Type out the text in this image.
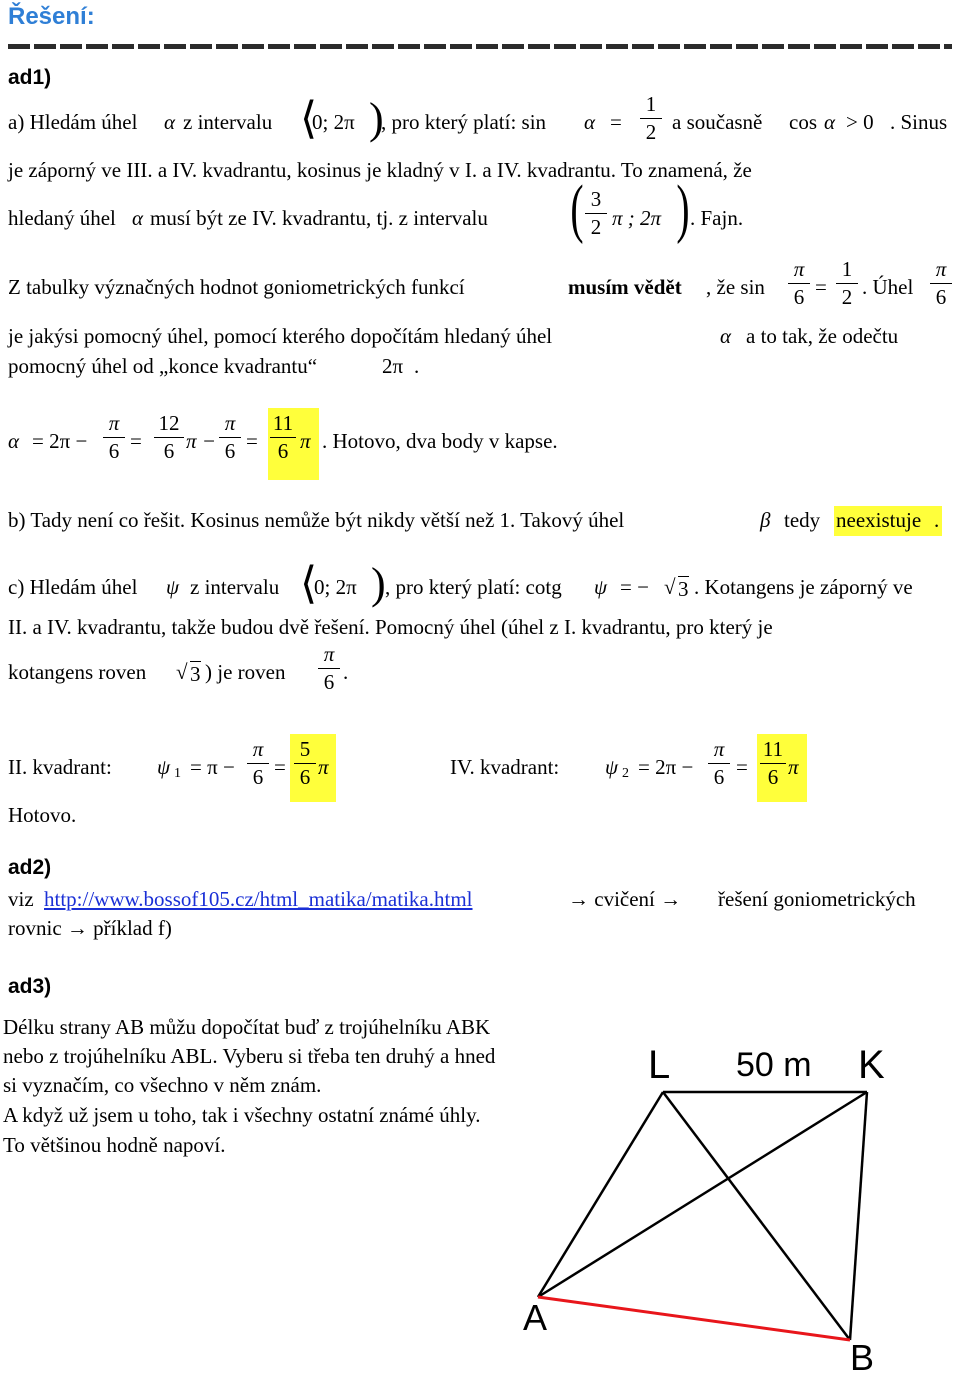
Řešení:
ad1)
a) Hledám úhel α z intervalu ⟨
0; 2π )
, pro který platí: sin α =
1
2 a současně cos α > 0 . Sinus
je záporný ve III. a IV. kvadrantu, kosinus je kladný v I. a IV. kvadrantu. To znamená, že
hledaný úhel α musí být ze IV. kvadrantu, tj. z intervalu ( 3
2 π ; 2π ) . Fajn.
Z tabulky význačných hodnot goniometrických funkcí	musím vědět , že sin
π
6 =
1
2 . Úhel
π
6
je jakýsi pomocný úhel, pomocí kterého dopočítám hledaný úhel	α a to tak, že odečtu
pomocný úhel od „konce kvadrantu“	2π .
α = 2π −
π
6 =
12
6 π −
π
6 =
11
6 π . Hotovo, dva body v kapse.
b) Tady není co řešit. Kosinus nemůže být nikdy větší než 1. Takový úhel	β tedy neexistuje .
c) Hledám úhel ψ z intervalu ⟨
0; 2π ) , pro který platí: cotg ψ = − √ 3 . Kotangens je záporný ve
II. a IV. kvadrantu, takže budou dvě řešení. Pomocný úhel (úhel z I. kvadrantu, pro který je
kotangens roven √ 3 ) je roven
π
6 .
II. kvadrant: ψ 1 = π −
π
6 =
5
6 π	IV. kvadrant: ψ 2 = 2π −
π
6 =
11
6 π
Hotovo.
ad2)
viz http://www.bossof105.cz/html_matika/matika.html	→ cvičení → řešení goniometrických
rovnic → příklad f)
ad3)
Délku strany AB můžu dopočítat buď z trojúhelníku ABK
nebo z trojúhelníku ABL. Vyberu si třeba ten druhý a hned
si vyznačím, co všechno v něm znám.
A když už jsem u toho, tak i všechny ostatní známé úhly.
To většinou hodně napoví.
L	K
50 m
A
B
